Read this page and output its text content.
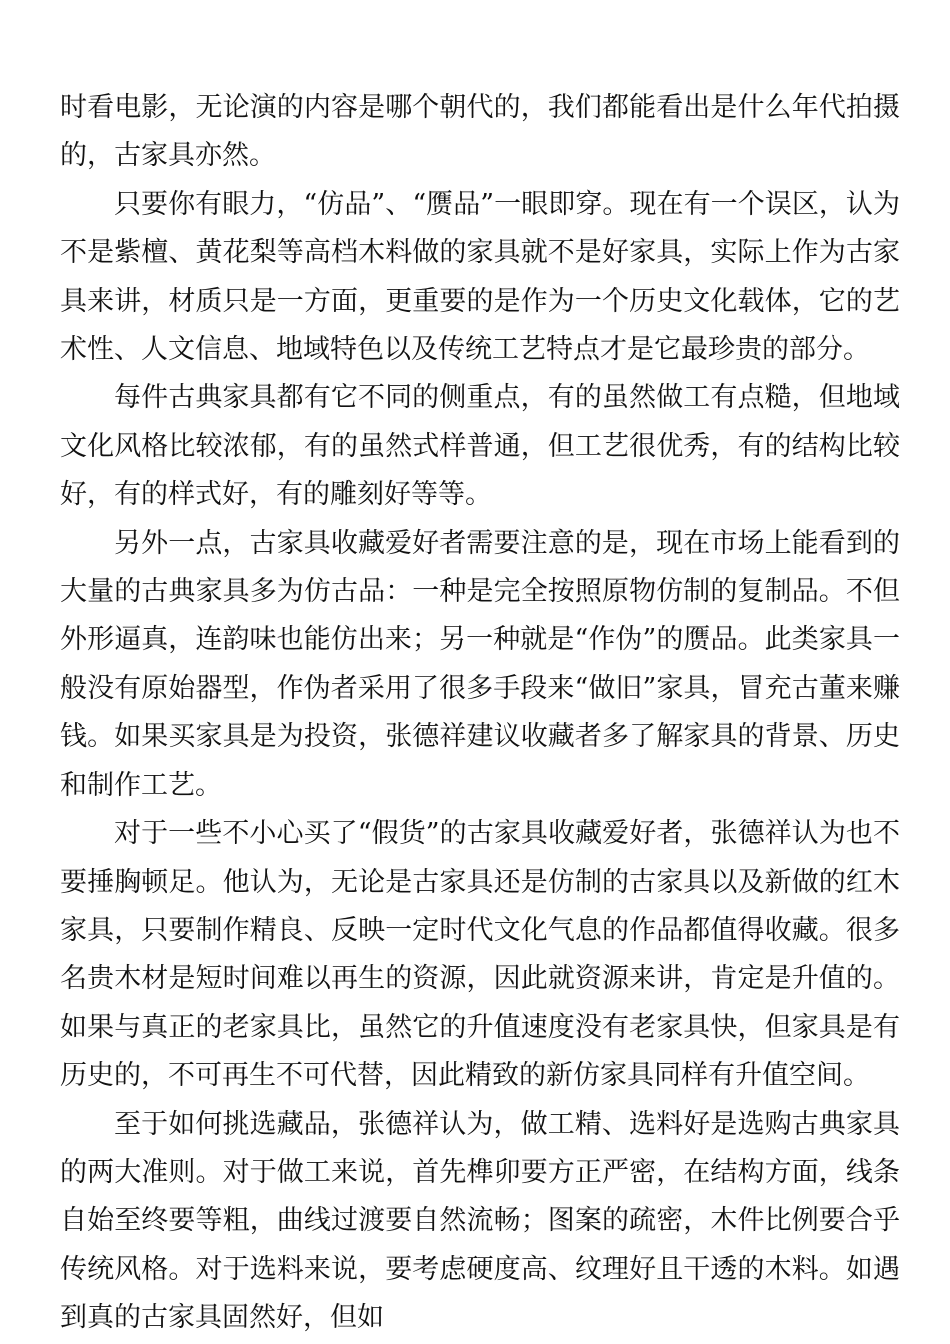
时看电影，无论演的内容是哪个朝代的，我们都能看出是什么年代拍摄的，古家具亦然。

只要你有眼力，“仿品”、“赝品”一眼即穿。现在有一个误区，认为不是紫檀、黄花梨等高档木料做的家具就不是好家具，实际上作为古家具来讲，材质只是一方面，更重要的是作为一个历史文化载体，它的艺术性、人文信息、地域特色以及传统工艺特点才是它最珍贵的部分。

每件古典家具都有它不同的侧重点，有的虽然做工有点糙，但地域文化风格比较浓郁，有的虽然式样普通，但工艺很优秀，有的结构比较好，有的样式好，有的雕刻好等等。

另外一点，古家具收藏爱好者需要注意的是，现在市场上能看到的大量的古典家具多为仿古品：一种是完全按照原物仿制的复制品。不但外形逼真，连韵味也能仿出来；另一种就是“作伪”的赝品。此类家具一般没有原始器型，作伪者采用了很多手段来“做旧”家具，冒充古董来赚钱。如果买家具是为投资，张德祥建议收藏者多了解家具的背景、历史和制作工艺。

对于一些不小心买了“假货”的古家具收藏爱好者，张德祥认为也不要捶胸顿足。他认为，无论是古家具还是仿制的古家具以及新做的红木家具，只要制作精良、反映一定时代文化气息的作品都值得收藏。很多名贵木材是短时间难以再生的资源，因此就资源来讲，肯定是升值的。如果与真正的老家具比，虽然它的升值速度没有老家具快，但家具是有历史的，不可再生不可代替，因此精致的新仿家具同样有升值空间。

至于如何挑选藏品，张德祥认为，做工精、选料好是选购古典家具的两大准则。对于做工来说，首先榫卯要方正严密，在结构方面，线条自始至终要等粗，曲线过渡要自然流畅；图案的疏密，木件比例要合乎传统风格。对于选料来说，要考虑硬度高、纹理好且干透的木料。如遇到真的古家具固然好，但如
